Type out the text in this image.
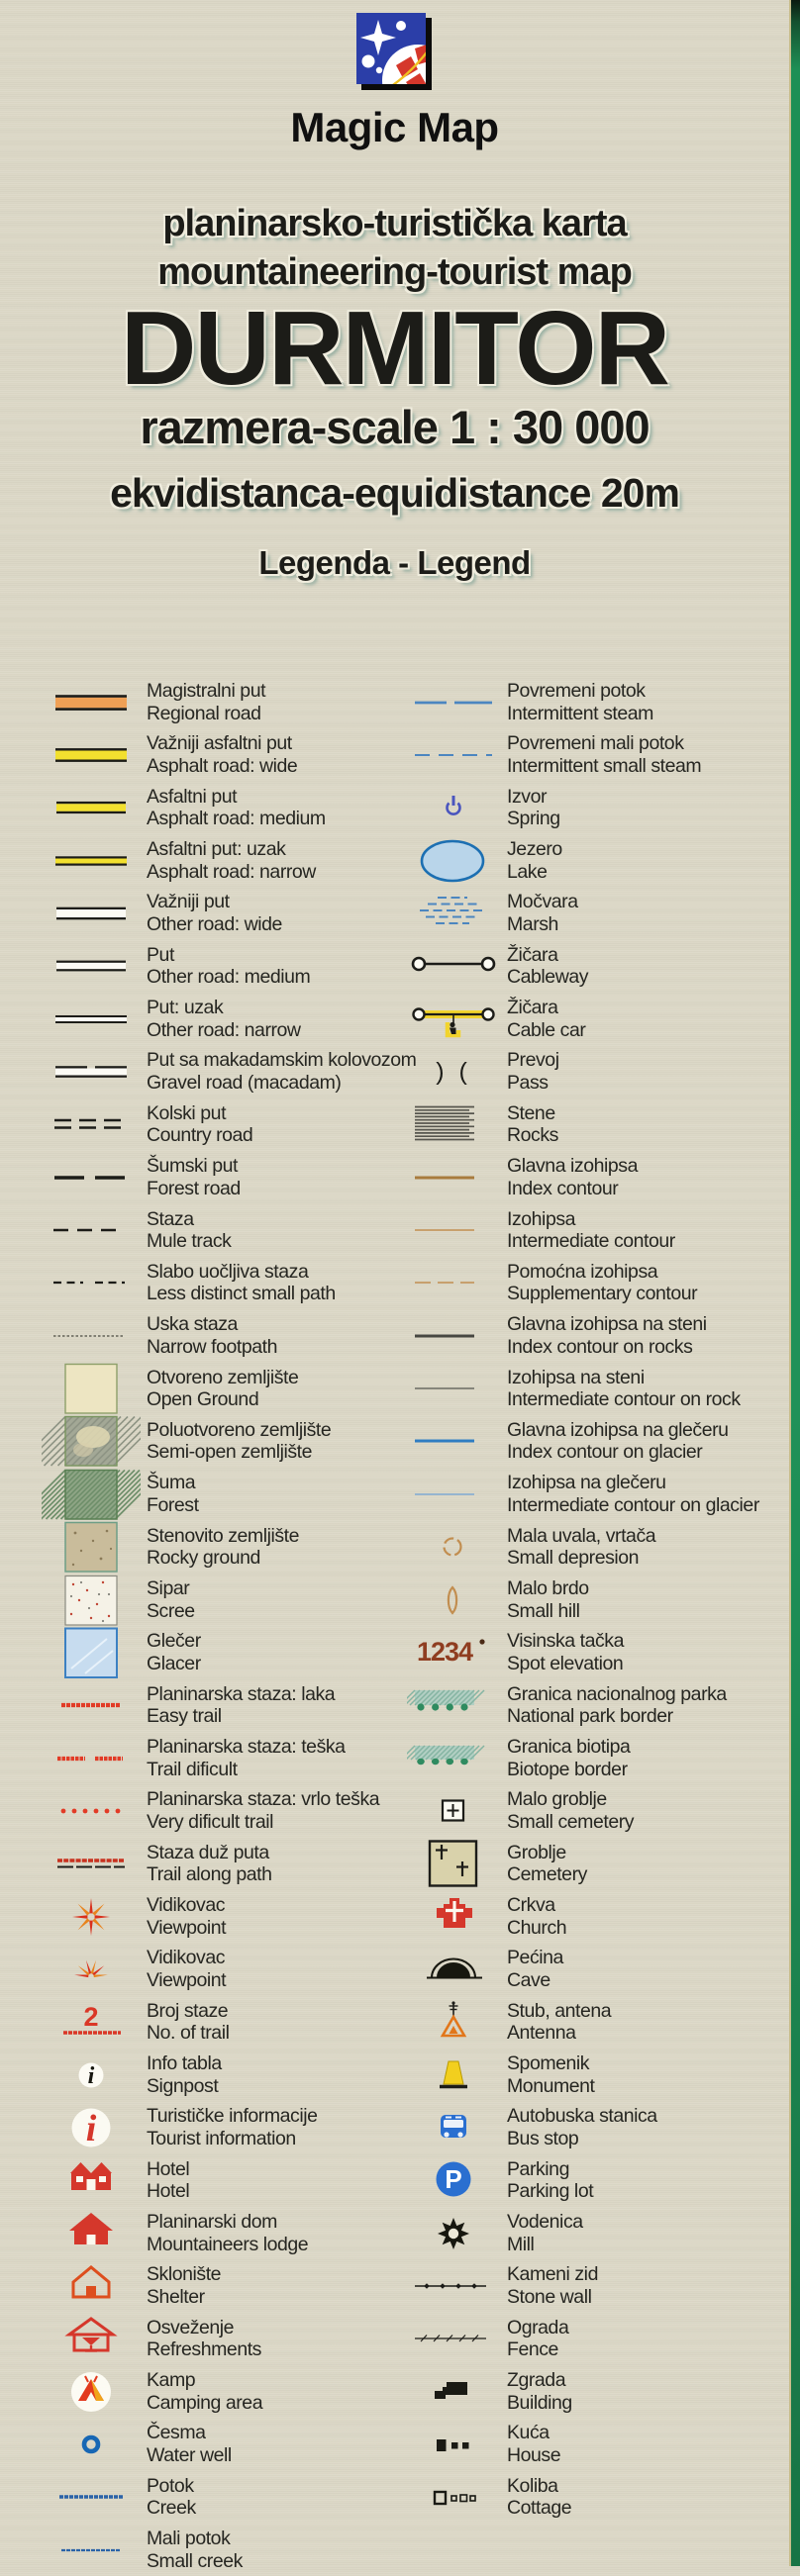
Magic Map
planinarsko-turistička karta
mountaineering-tourist map
DURMITOR
razmera-scale 1 : 30 000
ekvidistanca-equidistance 20m
Legenda - Legend
Magistralni put
Regional road
Važniji asfaltni put
Asphalt road: wide
Asfaltni put
Asphalt road: medium
Asfaltni put: uzak
Asphalt road: narrow
Važniji put
Other road: wide
Put
Other road: medium
Put: uzak
Other road: narrow
Put sa makadamskim kolovozom
Gravel road (macadam)
Kolski put
Country road
Šumski put
Forest road
Staza
Mule track
Slabo uočljiva staza
Less distinct small path
Uska staza
Narrow footpath
Otvoreno zemljište
Open Ground
Poluotvoreno zemljište
Semi-open zemljište
Šuma
Forest
Stenovito zemljište
Rocky ground
Sipar
Scree
Glečer
Glacer
Planinarska staza: laka
Easy trail
Planinarska staza: teška
Trail dificult
Planinarska staza: vrlo teška
Very dificult trail
Staza duž puta
Trail along path
Vidikovac
Viewpoint
Vidikovac
Viewpoint
2 Broj staze
No. of trail
i	Info tabla
Signpost
i	Turističke informacije
Tourist information
Hotel
Hotel
Planinarski dom
Mountaineers lodge
Sklonište
Shelter
Osveženje
Refreshments
Kamp
Camping area
Česma
Water well
Potok
Creek
Mali potok
Small creek
Povremeni potok
Intermittent steam
Povremeni mali potok
Intermittent small steam
Izvor
Spring
Jezero
Lake
Močvara
Marsh
Žičara
Cableway
Žičara
Cable car
) ( Prevoj
Pass
Stene
Rocks
Glavna izohipsa
Index contour
Izohipsa
Intermediate contour
Pomoćna izohipsa
Supplementary contour
Glavna izohipsa na steni
Index contour on rocks
Izohipsa na steni
Intermediate contour on rock
Glavna izohipsa na glečeru
Index contour on glacier
Izohipsa na glečeru
Intermediate contour on glacier
Mala uvala, vrtača
Small depresion
Malo brdo
Small hill
1234 Visinska tačka
Spot elevation
Granica nacionalnog parka
National park border
Granica biotipa
Biotope border
Malo groblje
Small cemetery
Groblje
Cemetery
Crkva
Church
Pećina
Cave
Stub, antena
Antenna
Spomenik
Monument
Autobuska stanica
Bus stop
P Parking
Parking lot
Vodenica
Mill
Kameni zid
Stone wall
Ograda
Fence
Zgrada
Building
Kuća
House
Koliba
Cottage
